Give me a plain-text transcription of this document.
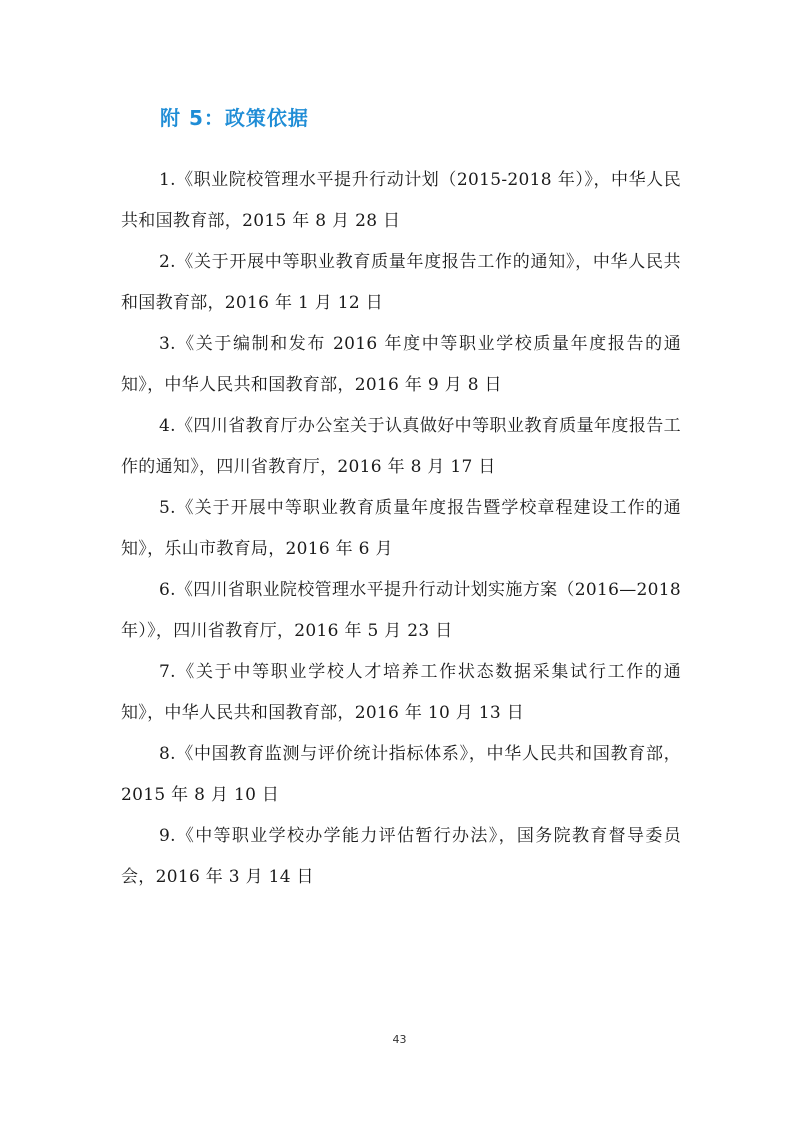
附 5：政策依据

1.《职业院校管理水平提升行动计划（2015-2018 年）》，中华人民共和国教育部，2015 年 8 月 28 日

2.《关于开展中等职业教育质量年度报告工作的通知》，中华人民共和国教育部，2016 年 1 月 12 日

3.《关于编制和发布 2016 年度中等职业学校质量年度报告的通知》，中华人民共和国教育部，2016 年 9 月 8 日

4.《四川省教育厅办公室关于认真做好中等职业教育质量年度报告工作的通知》，四川省教育厅，2016 年 8 月 17 日

5.《关于开展中等职业教育质量年度报告暨学校章程建设工作的通知》，乐山市教育局，2016 年 6 月

6.《四川省职业院校管理水平提升行动计划实施方案（2016—2018 年）》，四川省教育厅，2016 年 5 月 23 日

7.《关于中等职业学校人才培养工作状态数据采集试行工作的通知》，中华人民共和国教育部，2016 年 10 月 13 日

8.《中国教育监测与评价统计指标体系》，中华人民共和国教育部，2015 年 8 月 10 日

9.《中等职业学校办学能力评估暂行办法》，国务院教育督导委员会，2016 年 3 月 14 日

43
